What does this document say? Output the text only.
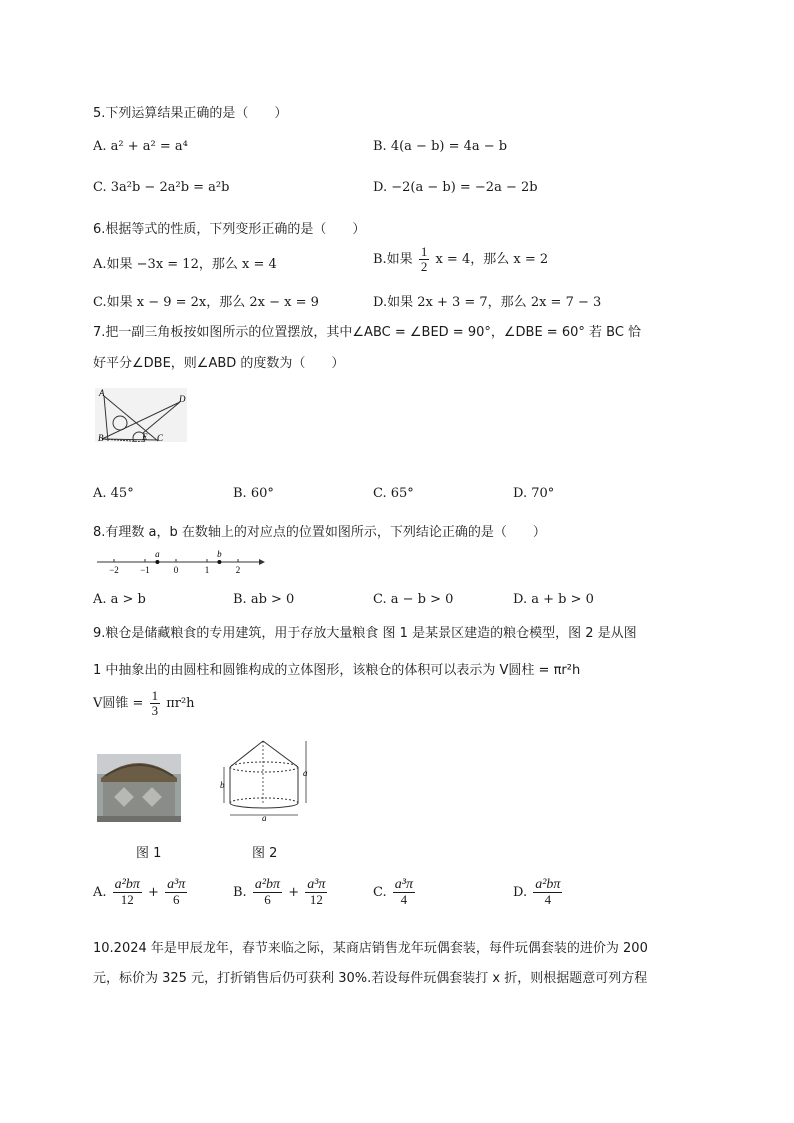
5.下列运算结果正确的是（　　）
A. a² + a² = a⁴	B. 4(a − b) = 4a − b
C. 3a²b − 2a²b = a²b	D. −2(a − b) = −2a − 2b
6.根据等式的性质，下列变形正确的是（　　）
A.如果 −3x = 12，那么 x = 4	B.如果 $\frac{1}{2}$ x = 4，那么 x = 2
C.如果 x − 9 = 2x，那么 2x − x = 9	D.如果 2x + 3 = 7，那么 2x = 7 − 3
7.把一副三角板按如图所示的位置摆放，其中∠ABC = ∠BED = 90°，∠DBE = 60° 若 BC 恰
好平分∠DBE，则∠ABD 的度数为（　　）
A
D
B	C
E
A. 45°	B. 60°	C. 65°	D. 70°
8.有理数 a，b 在数轴上的对应点的位置如图所示，下列结论正确的是（　　）
−2 −1	0	1	2
a	b
A. a > b	B. ab > 0	C. a − b > 0	D. a + b > 0
9.粮仓是储藏粮食的专用建筑，用于存放大量粮食 图 1 是某景区建造的粮仓模型，图 2 是从图
1 中抽象出的由圆柱和圆锥构成的立体图形，该粮仓的体积可以表示为 V圆柱 = πr²h
V圆锥 = $\frac{1}{3} \pi r^2h$
a
b
a
图 1	图 2
A. $\frac{\text{a²bπ}}{12} + \frac{\text{a³π}}{6}$	B. $\frac{\text{a²bπ}}{6} + \frac{\text{a³π}}{12}$	C. $\frac{\text{a³π}}{4}$	D. $\frac{\text{a²bπ}}{4}$
10.2024 年是甲辰龙年，春节来临之际，某商店销售龙年玩偶套装，每件玩偶套装的进价为 200
元，标价为 325 元，打折销售后仍可获利 30%.若设每件玩偶套装打 x 折，则根据题意可列方程
